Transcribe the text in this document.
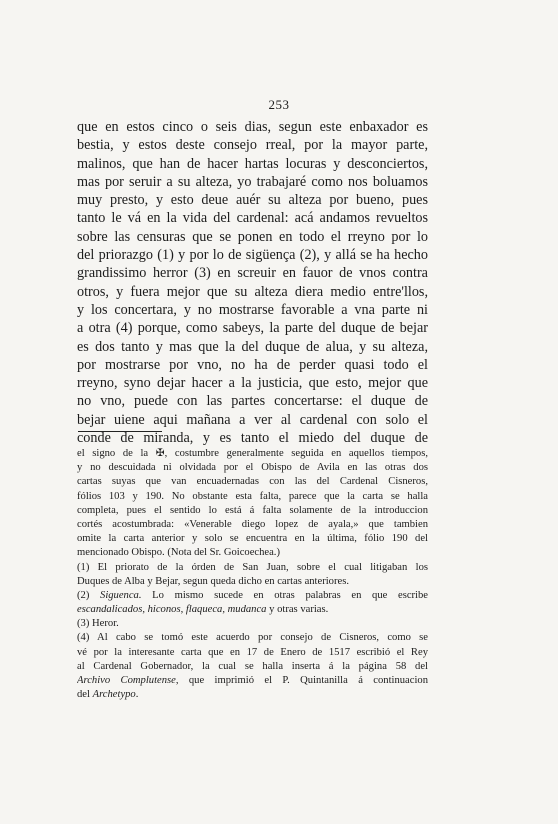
253
que en estos cinco o seis dias, segun este enbaxador es
bestia, y estos deste consejo rreal, por la mayor parte,
malinos, que han de hacer hartas locuras y desconciertos,
mas por seruir a su alteza, yo trabajaré como nos boluamos
muy presto, y esto deue auér su alteza por bueno, pues
tanto le vá en la vida del cardenal: acá andamos revueltos
sobre las censuras que se ponen en todo el rreyno por lo
del priorazgo (1) y por lo de sigüença (2), y allá se ha hecho
grandissimo herror (3) en screuir en fauor de vnos contra
otros, y fuera mejor que su alteza diera medio entre'llos,
y los concertara, y no mostrarse favorable a vna parte ni
a otra (4) porque, como sabeys, la parte del duque de bejar
es dos tanto y mas que la del duque de alua, y su alteza,
por mostrarse por vno, no ha de perder quasi todo el
rreyno, syno dejar hacer a la justicia, que esto, mejor que
no vno, puede con las partes concertarse: el duque de
bejar uiene aqui mañana a ver al cardenal con solo el
conde de miranda, y es tanto el miedo del duque de
el signo de la ✠, costumbre generalmente seguida en aquellos tiempos,
y no descuidada ni olvidada por el Obispo de Avila en las otras dos
cartas suyas que van encuadernadas con las del Cardenal Cisneros,
fólios 103 y 190. No obstante esta falta, parece que la carta se halla
completa, pues el sentido lo está á falta solamente de la introduccion
cortés acostumbrada: «Venerable diego lopez de ayala,» que tambien
omite la carta anterior y solo se encuentra en la última, fólio 190 del
mencionado Obispo. (Nota del Sr. Goicoechea.)
(1) El priorato de la órden de San Juan, sobre el cual litigaban los
Duques de Alba y Bejar, segun queda dicho en cartas anteriores.
(2) Siguenca. Lo mismo sucede en otras palabras en que escribe
escandalicados, hiconos, flaqueca, mudanca y otras varias.
(3) Heror.
(4) Al cabo se tomó este acuerdo por consejo de Cisneros, como se
vé por la interesante carta que en 17 de Enero de 1517 escribió el Rey
al Cardenal Gobernador, la cual se halla inserta á la página 58 del
Archivo Complutense, que imprimió el P. Quintanilla á continuacion
del Archetypo.
